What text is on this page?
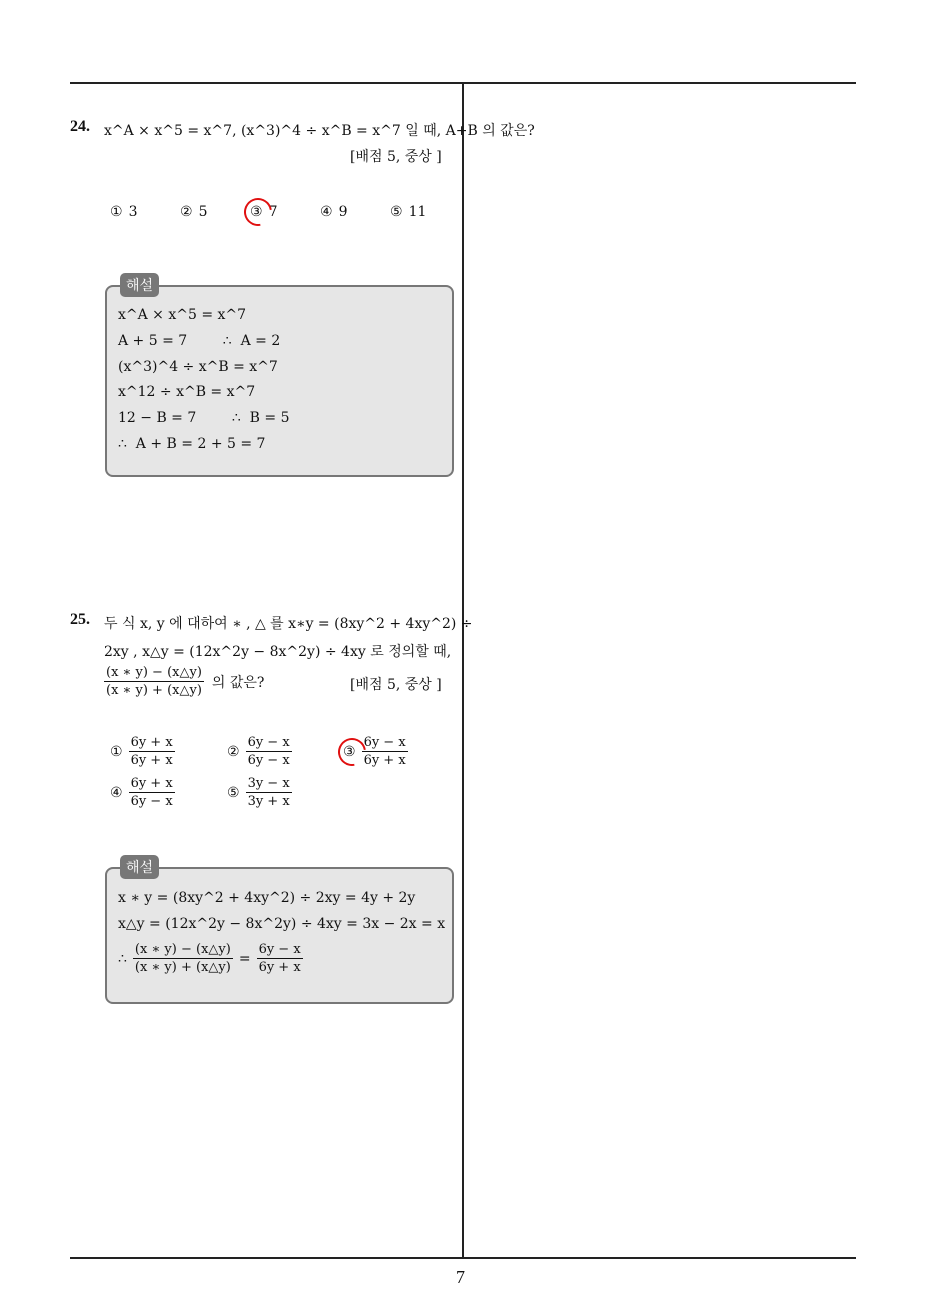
24. x^A × x^5 = x^7, (x^3)^4 ÷ x^B = x^7 일 때, A+B 의 값은?
[배점 5, 중상 ]
① 3	② 5	③ 7	④ 9	⑤ 11
해설
x^A × x^5 = x^7
A + 5 = 7        ∴  A = 2
(x^3)^4 ÷ x^B = x^7
x^12 ÷ x^B = x^7
12 − B = 7        ∴  B = 5
∴  A + B = 2 + 5 = 7
25. 두 식 x, y 에 대하여 ∗ , △ 를 x∗y = (8xy^2 + 4xy^2) ÷
2xy , x△y = (12x^2y − 8x^2y) ÷ 4xy 로 정의할 때,
$\frac{(x ∗ y) - (x\triangle y)}{(x ∗ y) + (x\triangle y)}$ 의 값은?	[배점 5, 중상 ]
① $\frac{6y + x}{6y + x}$	② $\frac{6y - x}{6y - x}$	③ $\frac{6y - x}{6y + x}$
④ $\frac{6y + x}{6y - x}$	⑤ $\frac{3y - x}{3y + x}$
해설
x ∗ y = (8xy^2 + 4xy^2) ÷ 2xy = 4y + 2y
x△y = (12x^2y − 8x^2y) ÷ 4xy = 3x − 2x = x
∴ $\frac{(x ∗ y) - (x\triangle y)}{(x ∗ y) + (x\triangle y)} = \frac{6y - x}{6y + x}$
7
